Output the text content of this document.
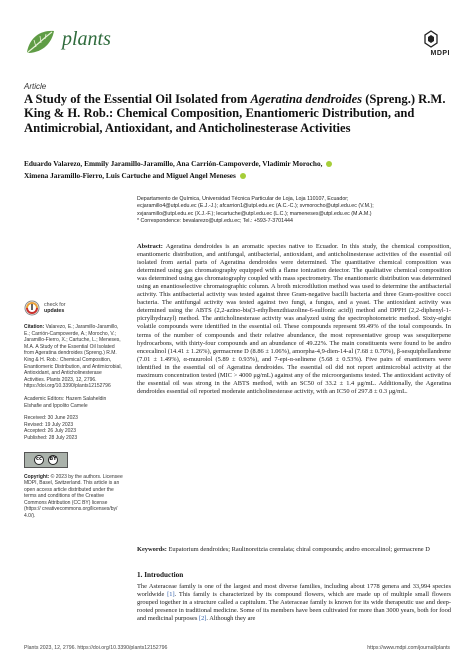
plants
MDPI
Article
A Study of the Essential Oil Isolated from Ageratina dendroides (Spreng.) R.M. King & H. Rob.: Chemical Composition, Enantiomeric Distribution, and Antimicrobial, Antioxidant, and Anticholinesterase Activities
Eduardo Valarezo, Emmily Jaramillo-Jaramillo, Ana Carrión-Campoverde, Vladimir Morocho,
Ximena Jaramillo-Fierro, Luis Cartuche and Miguel Angel Meneses
Departamento de Química, Universidad Técnica Particular de Loja, Loja 110107, Ecuador;
ecjaramillo4@utpl.edu.ec (E.J.-J.); afcarrion1@utpl.edu.ec (A.C.-C.); svmorocho@utpl.edu.ec (V.M.);
xvjaramillo@utpl.edu.ec (X.J.-F.); lecartuche@utpl.edu.ec (L.C.); mameneses@utpl.edu.ec (M.A.M.)
* Correspondence: bevalarezo@utpl.edu.ec; Tel.: +593-7-3701444
check for
updates
Citation: Valarezo, E.; Jaramillo-Jaramillo, E.; Carrión-Campoverde, A.; Morocho, V.; Jaramillo-Fierro, X.; Cartuche, L.; Meneses, M.A. A Study of the Essential Oil Isolated from Ageratina dendroides (Spreng.) R.M. King & H. Rob.: Chemical Composition, Enantiomeric Distribution, and Antimicrobial, Antioxidant, and Anticholinesterase Activities. Plants 2023, 12, 2796. https://doi.org/10.3390/plants12152796
Academic Editors: Hazem Salaheldin Elshafie and Ippolito Camele
Received: 30 June 2023
Revised: 19 July 2023
Accepted: 26 July 2023
Published: 28 July 2023
cc	BY
Copyright: © 2023 by the authors. Licensee MDPI, Basel, Switzerland. This article is an open access article distributed under the terms and conditions of the Creative Commons Attribution (CC BY) license (https:// creativecommons.org/licenses/by/ 4.0/).
Abstract: Ageratina dendroides is an aromatic species native to Ecuador. In this study, the chemical composition, enantiomeric distribution, and antifungal, antibacterial, antioxidant, and anticholinesterase activities of the essential oil isolated from aerial parts of Ageratina dendroides were determined. The quantitative chemical composition was determined using gas chromatography equipped with a flame ionization detector. The qualitative chemical composition was determined using gas chromatography coupled with mass spectrometry. The enantiomeric distribution was determined using an enantioselective chromatographic column. A broth microdilution method was used to determine the antibacterial activity. This antibacterial activity was tested against three Gram-negative bacilli bacteria and three Gram-positive cocci bacteria. The antifungal activity was tested against two fungi, a fungus, and a yeast. The antioxidant activity was determined using the ABTS (2,2-azino-bis(3-ethylbenzthiazoline-6-sulfonic acid)) method and DPPH (2,2-diphenyl-1-picrylhydrazyl) method. The anticholinesterase activity was analyzed using the spectrophotometric method. Sixty-eight volatile compounds were identified in the essential oil. These compounds represent 99.49% of the total compounds. In terms of the number of compounds and their relative abundance, the most representative group was sesquiterpene hydrocarbons, with thirty-four compounds and an abundance of 49.22%. The main constituents were found to be andro encecalinol (14.41 ± 1.26%), germacrene D (8.86 ± 1.06%), amorpha-4,9-dien-14-al (7.68 ± 0.70%), β-sesquiphellandrene (7.01 ± 1.49%), α-muurolol (5.89 ± 0.93%), and 7-epi-α-selinene (5.68 ± 0.53%). Five pairs of enantiomers were identified in the essential oil of Ageratina dendroides. The essential oil did not report antimicrobial activity at the maximum concentration tested (MIC > 4000 μg/mL) against any of the microorganisms tested. The antioxidant activity of the essential oil was strong in the ABTS method, with an SC50 of 33.2 ± 1.4 μg/mL. Additionally, the Ageratina dendroides essential oil reported moderate anticholinesterase activity, with an IC50 of 297.8 ± 0.3 μg/mL.
Keywords: Eupatorium dendroides; Raulinoreitzia crenulata; chiral compounds; andro encecalinol; germacrene D
1. Introduction
The Asteraceae family is one of the largest and most diverse families, including about 1778 genera and 33,994 species worldwide [1]. This family is characterized by its compound flowers, which are made up of multiple small flowers grouped together in a structure called a capitulum. The Asteraceae family is known for its wide therapeutic use and deep-rooted presence in traditional medicine. Some of its members have been cultivated for more than 3000 years, both for food and medicinal purposes [2]. Although they are
Plants 2023, 12, 2796. https://doi.org/10.3390/plants12152796	https://www.mdpi.com/journal/plants
